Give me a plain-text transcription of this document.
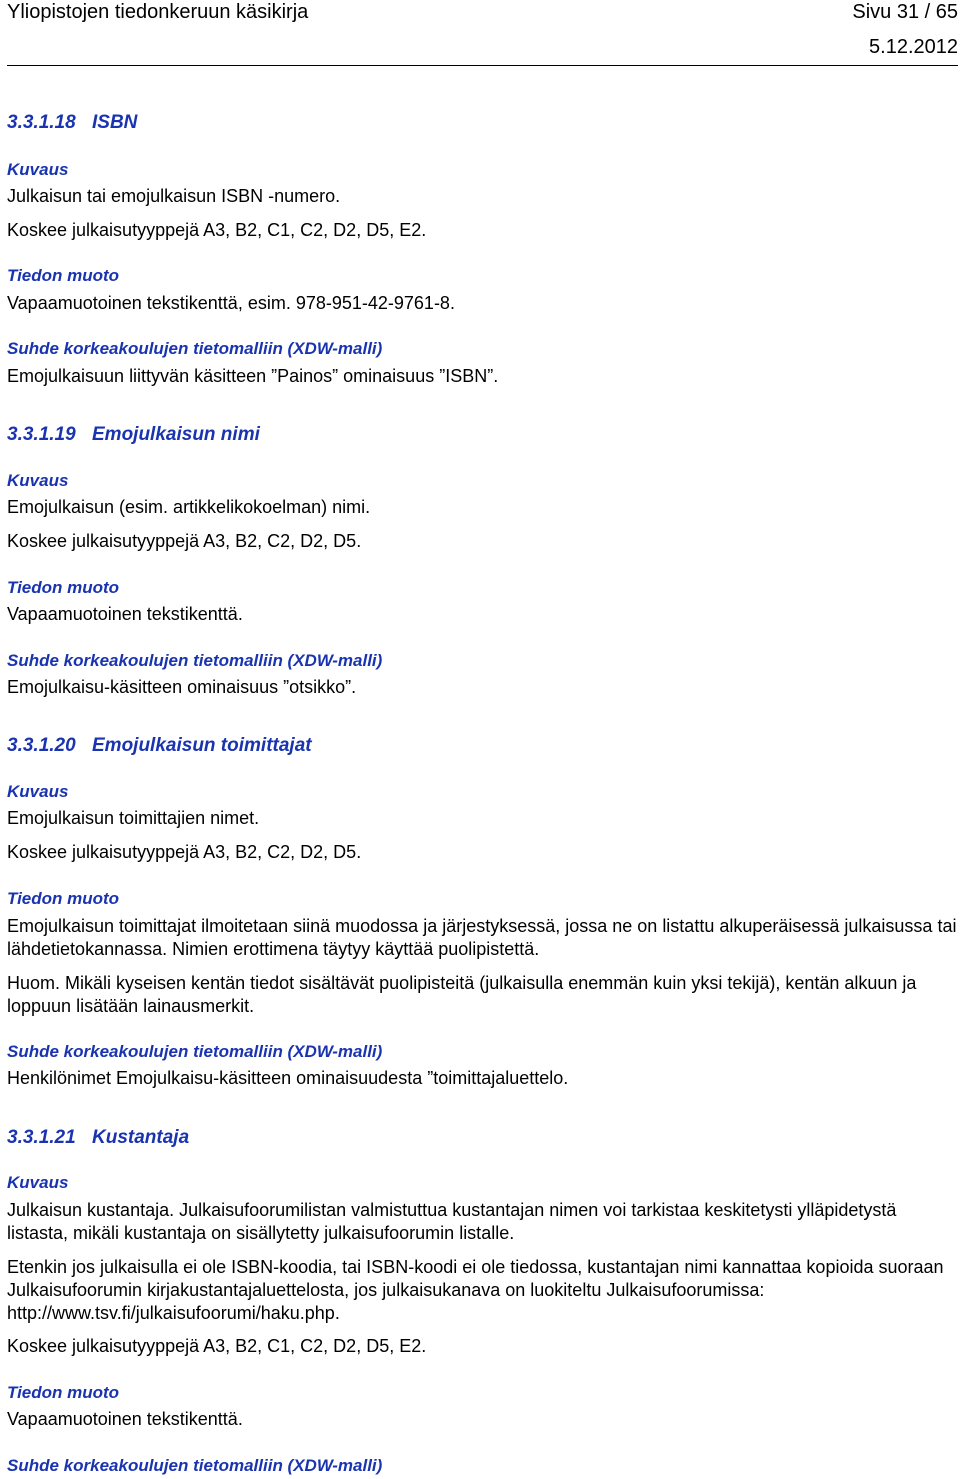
Yliopistojen tiedonkeruun käsikirja	Sivu 31 / 65
5.12.2012
3.3.1.18 ISBN
Kuvaus
Julkaisun tai emojulkaisun ISBN -numero.
Koskee julkaisutyyppejä A3, B2, C1, C2, D2, D5, E2.
Tiedon muoto
Vapaamuotoinen tekstikenttä, esim. 978-951-42-9761-8.
Suhde korkeakoulujen tietomalliin (XDW-malli)
Emojulkaisuun liittyvän käsitteen ”Painos” ominaisuus ”ISBN”.
3.3.1.19 Emojulkaisun nimi
Kuvaus
Emojulkaisun (esim. artikkelikokoelman) nimi.
Koskee julkaisutyyppejä A3, B2, C2, D2, D5.
Tiedon muoto
Vapaamuotoinen tekstikenttä.
Suhde korkeakoulujen tietomalliin (XDW-malli)
Emojulkaisu-käsitteen ominaisuus ”otsikko”.
3.3.1.20 Emojulkaisun toimittajat
Kuvaus
Emojulkaisun toimittajien nimet.
Koskee julkaisutyyppejä A3, B2, C2, D2, D5.
Tiedon muoto
Emojulkaisun toimittajat ilmoitetaan siinä muodossa ja järjestyksessä, jossa ne on listattu alkuperäisessä julkaisussa tai lähdetietokannassa. Nimien erottimena täytyy käyttää puolipistettä.
Huom. Mikäli kyseisen kentän tiedot sisältävät puolipisteitä (julkaisulla enemmän kuin yksi tekijä), kentän alkuun ja loppuun lisätään lainausmerkit.
Suhde korkeakoulujen tietomalliin (XDW-malli)
Henkilönimet Emojulkaisu-käsitteen ominaisuudesta ”toimittajaluettelo.
3.3.1.21 Kustantaja
Kuvaus
Julkaisun kustantaja. Julkaisufoorumilistan valmistuttua kustantajan nimen voi tarkistaa keskitetysti ylläpidetystä listasta, mikäli kustantaja on sisällytetty julkaisufoorumin listalle.
Etenkin jos julkaisulla ei ole ISBN-koodia, tai ISBN-koodi ei ole tiedossa, kustantajan nimi kannattaa kopioida suoraan Julkaisufoorumin kirjakustantajaluettelosta, jos julkaisukanava on luokiteltu Julkaisufoorumissa: http://www.tsv.fi/julkaisufoorumi/haku.php.
Koskee julkaisutyyppejä A3, B2, C1, C2, D2, D5, E2.
Tiedon muoto
Vapaamuotoinen tekstikenttä.
Suhde korkeakoulujen tietomalliin (XDW-malli)
